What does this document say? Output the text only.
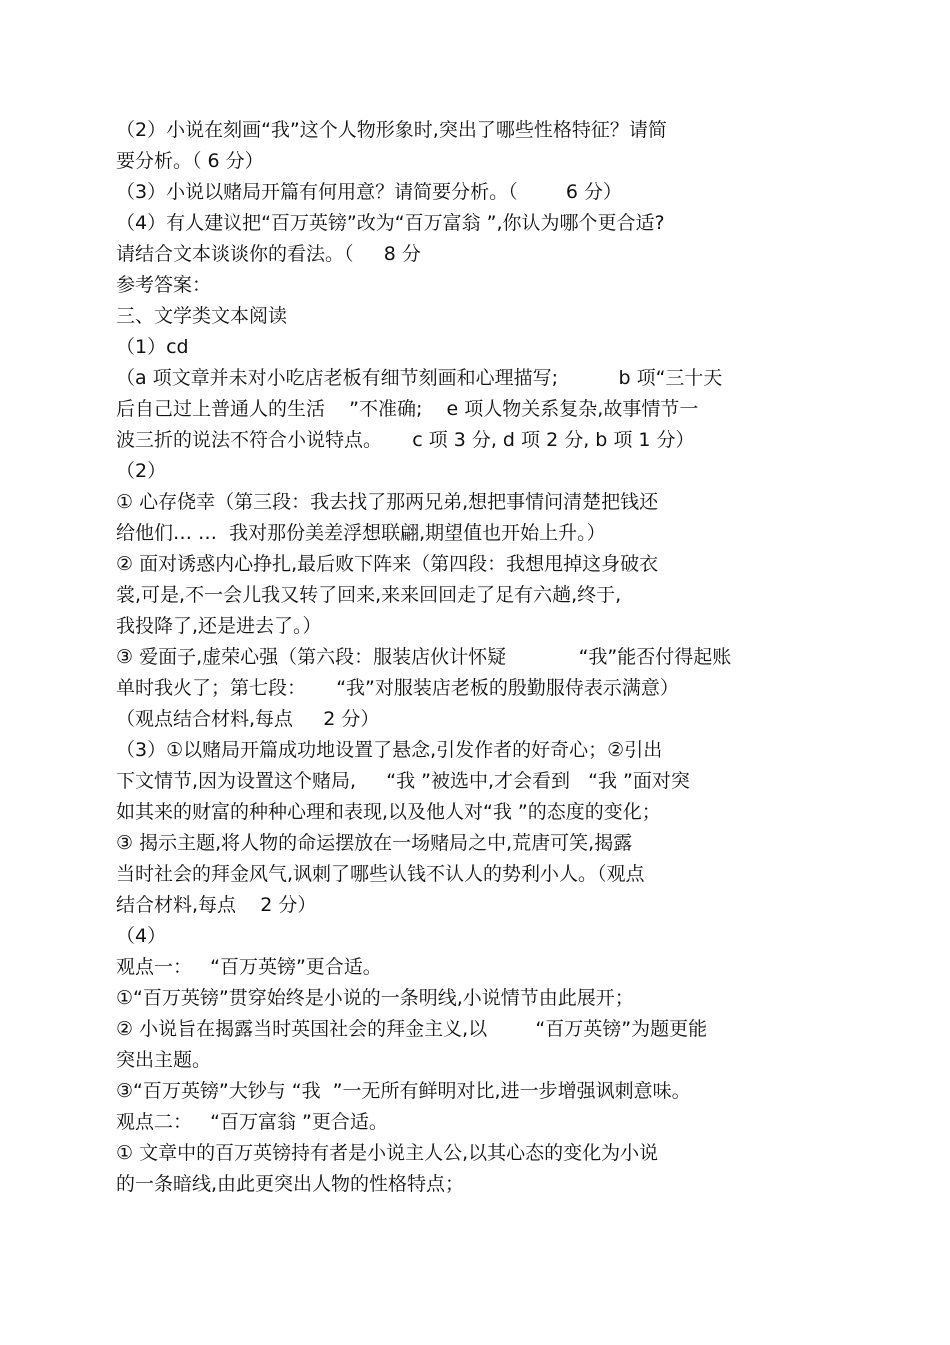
（2）小说在刻画“我”这个人物形象时,突出了哪些性格特征？请简
要分析。（ 6 分）
（3）小说以赌局开篇有何用意？请简要分析。（        6 分）
（4）有人建议把“百万英镑”改为“百万富翁 ”,你认为哪个更合适?
请结合文本谈谈你的看法。（     8 分
参考答案：
三、文学类文本阅读
（1）cd
（a 项文章并未对小吃店老板有细节刻画和心理描写;          b 项“三十天
后自己过上普通人的生活    ”不准确;    e 项人物关系复杂,故事情节一
波三折的说法不符合小说特点。     c 项 3 分, d 项 2 分, b 项 1 分）
（2）
① 心存侥幸（第三段：我去找了那两兄弟,想把事情问清楚把钱还
给他们… …  我对那份美差浮想联翩,期望值也开始上升。）
② 面对诱惑内心挣扎,最后败下阵来（第四段：我想甩掉这身破衣
裳,可是,不一会儿我又转了回来,来来回回走了足有六趟,终于,
我投降了,还是进去了。）
③ 爱面子,虚荣心强（第六段：服装店伙计怀疑            “我”能否付得起账
单时我火了；第七段：     “我”对服装店老板的殷勤服侍表示满意）
（观点结合材料,每点     2 分）
（3）①以赌局开篇成功地设置了悬念,引发作者的好奇心；②引出
下文情节,因为设置这个赌局,     “我 ”被选中,才会看到   “我 ”面对突
如其来的财富的种种心理和表现,以及他人对“我 ”的态度的变化；
③ 揭示主题,将人物的命运摆放在一场赌局之中,荒唐可笑,揭露
当时社会的拜金风气,讽刺了哪些认钱不认人的势利小人。（观点
结合材料,每点    2 分）
（4）
观点一：   “百万英镑”更合适。
①“百万英镑”贯穿始终是小说的一条明线,小说情节由此展开；
② 小说旨在揭露当时英国社会的拜金主义,以        “百万英镑”为题更能
突出主题。
③“百万英镑”大钞与 “我  ”一无所有鲜明对比,进一步增强讽刺意味。
观点二：   “百万富翁 ”更合适。
① 文章中的百万英镑持有者是小说主人公,以其心态的变化为小说
的一条暗线,由此更突出人物的性格特点；
